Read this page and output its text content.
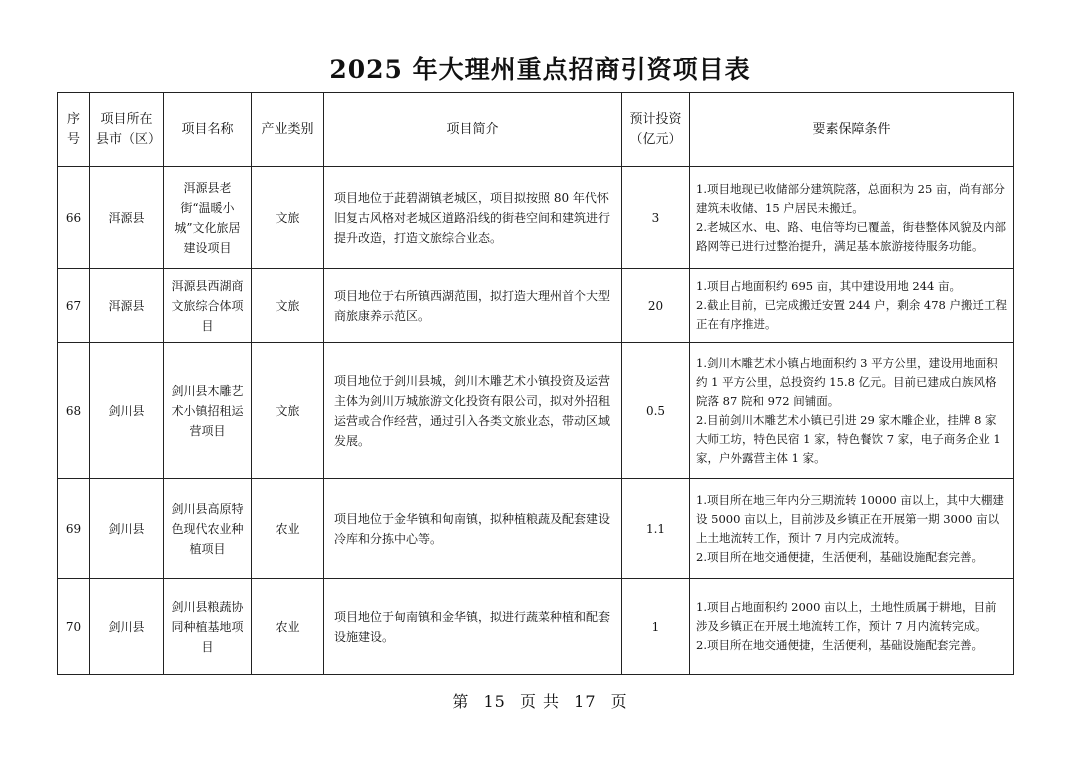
2025 年大理州重点招商引资项目表
序号	项目所在县市（区）	项目名称	产业类别	项目简介	预计投资（亿元）	要素保障条件
66	洱源县	洱源县老街“温暖小城”文化旅居建设项目	文旅	项目地位于茈碧湖镇老城区，项目拟按照 80 年代怀旧复古风格对老城区道路沿线的街巷空间和建筑进行提升改造，打造文旅综合业态。	3	1.项目地现已收储部分建筑院落，总面积为 25 亩，尚有部分建筑未收储、15 户居民未搬迁。
2.老城区水、电、路、电信等均已覆盖，街巷整体风貌及内部路网等已进行过整治提升，满足基本旅游接待服务功能。

67	洱源县	洱源县西湖商文旅综合体项目	文旅	项目地位于右所镇西湖范围，拟打造大理州首个大型商旅康养示范区。	20	1.项目占地面积约 695 亩，其中建设用地 244 亩。
2.截止目前，已完成搬迁安置 244 户，剩余 478 户搬迁工程正在有序推进。

68	剑川县	剑川县木雕艺术小镇招租运营项目	文旅	项目地位于剑川县城，剑川木雕艺术小镇投资及运营主体为剑川万城旅游文化投资有限公司，拟对外招租运营或合作经营，通过引入各类文旅业态，带动区域发展。	0.5	1.剑川木雕艺术小镇占地面积约 3 平方公里，建设用地面积约 1 平方公里，总投资约 15.8 亿元。目前已建成白族风格院落 87 院和 972 间铺面。
2.目前剑川木雕艺术小镇已引进 29 家木雕企业，挂牌 8 家大师工坊，特色民宿 1 家，特色餐饮 7 家，电子商务企业 1 家，户外露营主体 1 家。

69	剑川县	剑川县高原特色现代农业种植项目	农业	项目地位于金华镇和甸南镇，拟种植粮蔬及配套建设冷库和分拣中心等。	1.1	1.项目所在地三年内分三期流转 10000 亩以上，其中大棚建设 5000 亩以上，目前涉及乡镇正在开展第一期 3000 亩以上土地流转工作，预计 7 月内完成流转。
2.项目所在地交通便捷，生活便利，基础设施配套完善。

70	剑川县	剑川县粮蔬协同种植基地项目	农业	项目地位于甸南镇和金华镇，拟进行蔬菜种植和配套设施建设。	1	1.项目占地面积约 2000 亩以上，土地性质属于耕地，目前涉及乡镇正在开展土地流转工作，预计 7 月内流转完成。
2.项目所在地交通便捷，生活便利，基础设施配套完善。
第 15 页 共 17 页
